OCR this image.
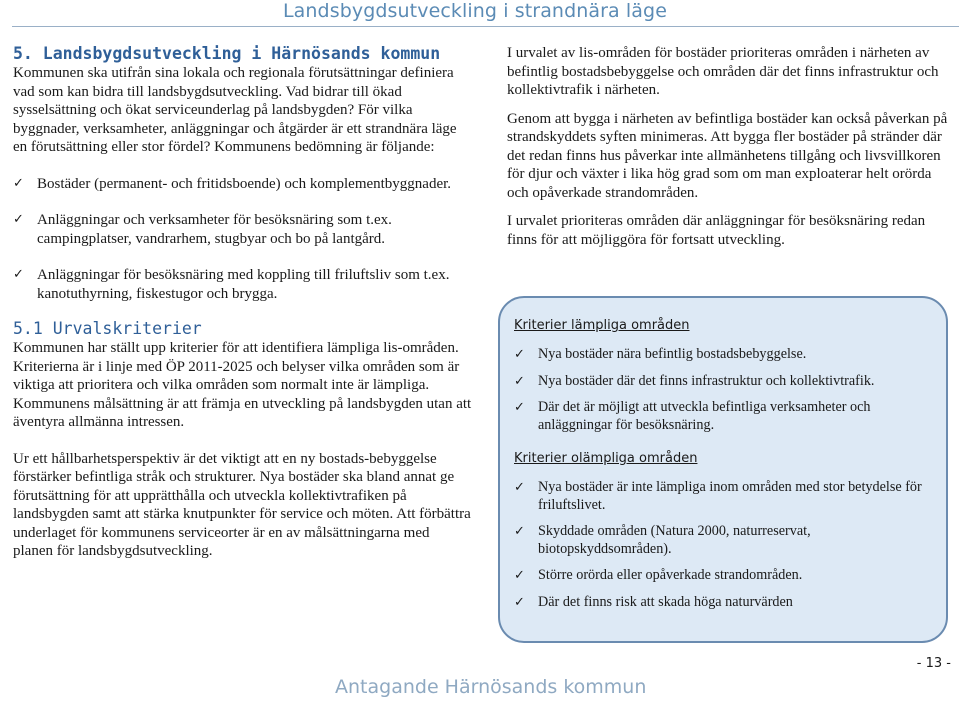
Landsbygdsutveckling i strandnära läge
5. Landsbygdsutveckling i Härnösands kommun

Kommunen ska utifrån sina lokala och regionala förutsättningar definiera vad som kan bidra till landsbygdsutveckling. Vad bidrar till ökad sysselsättning och ökat serviceunderlag på landsbygden? För vilka byggnader, verksamheter, anläggningar och åtgärder är ett strandnära läge en förutsättning eller stor fördel? Kommunens bedömning är följande:

✓ Bostäder (permanent- och fritidsboende) och komplementbyggnader.
✓ Anläggningar och verksamheter för besöksnäring som t.ex. campingplatser, vandrarhem, stugbyar och bo på lantgård.
✓ Anläggningar för besöksnäring med koppling till friluftsliv som t.ex. kanotuthyrning, fiskestugor och brygga.
5.1 Urvalskriterier

Kommunen har ställt upp kriterier för att identifiera lämpliga lis-områden. Kriterierna är i linje med ÖP 2011-2025 och belyser vilka områden som är viktiga att prioritera och vilka områden som normalt inte är lämpliga. Kommunens målsättning är att främja en utveckling på landsbygden utan att äventyra allmänna intressen.

Ur ett hållbarhetsperspektiv är det viktigt att en ny bostads-bebyggelse förstärker befintliga stråk och strukturer. Nya bostäder ska bland annat ge förutsättning för att upprätthålla och utveckla kollektivtrafiken på landsbygden samt att stärka knutpunkter för service och möten. Att förbättra underlaget för kommunens serviceorter är en av målsättningarna med planen för landsbygdsutveckling.

I urvalet av lis-områden för bostäder prioriteras områden i närheten av befintlig bostadsbebyggelse och områden där det finns infrastruktur och kollektivtrafik i närheten.

Genom att bygga i närheten av befintliga bostäder kan också påverkan på strandskyddets syften minimeras. Att bygga fler bostäder på stränder där det redan finns hus påverkar inte allmänhetens tillgång och livsvillkoren för djur och växter i lika hög grad som om man exploaterar helt orörda och opåverkade strandområden.

I urvalet prioriteras områden där anläggningar för besöksnäring redan finns för att möjliggöra för fortsatt utveckling.

Kriterier lämpliga områden
✓ Nya bostäder nära befintlig bostadsbebyggelse.
✓ Nya bostäder där det finns infrastruktur och kollektivtrafik.
✓ Där det är möjligt att utveckla befintliga verksamheter och anläggningar för besöksnäring.
Kriterier olämpliga områden
✓ Nya bostäder är inte lämpliga inom områden med stor betydelse för friluftslivet.
✓ Skyddade områden (Natura 2000, naturreservat, biotopskyddsområden).
✓ Större orörda eller opåverkade strandområden.
✓ Där det finns risk att skada höga naturvärden
- 13 -
Antagande Härnösands kommun
